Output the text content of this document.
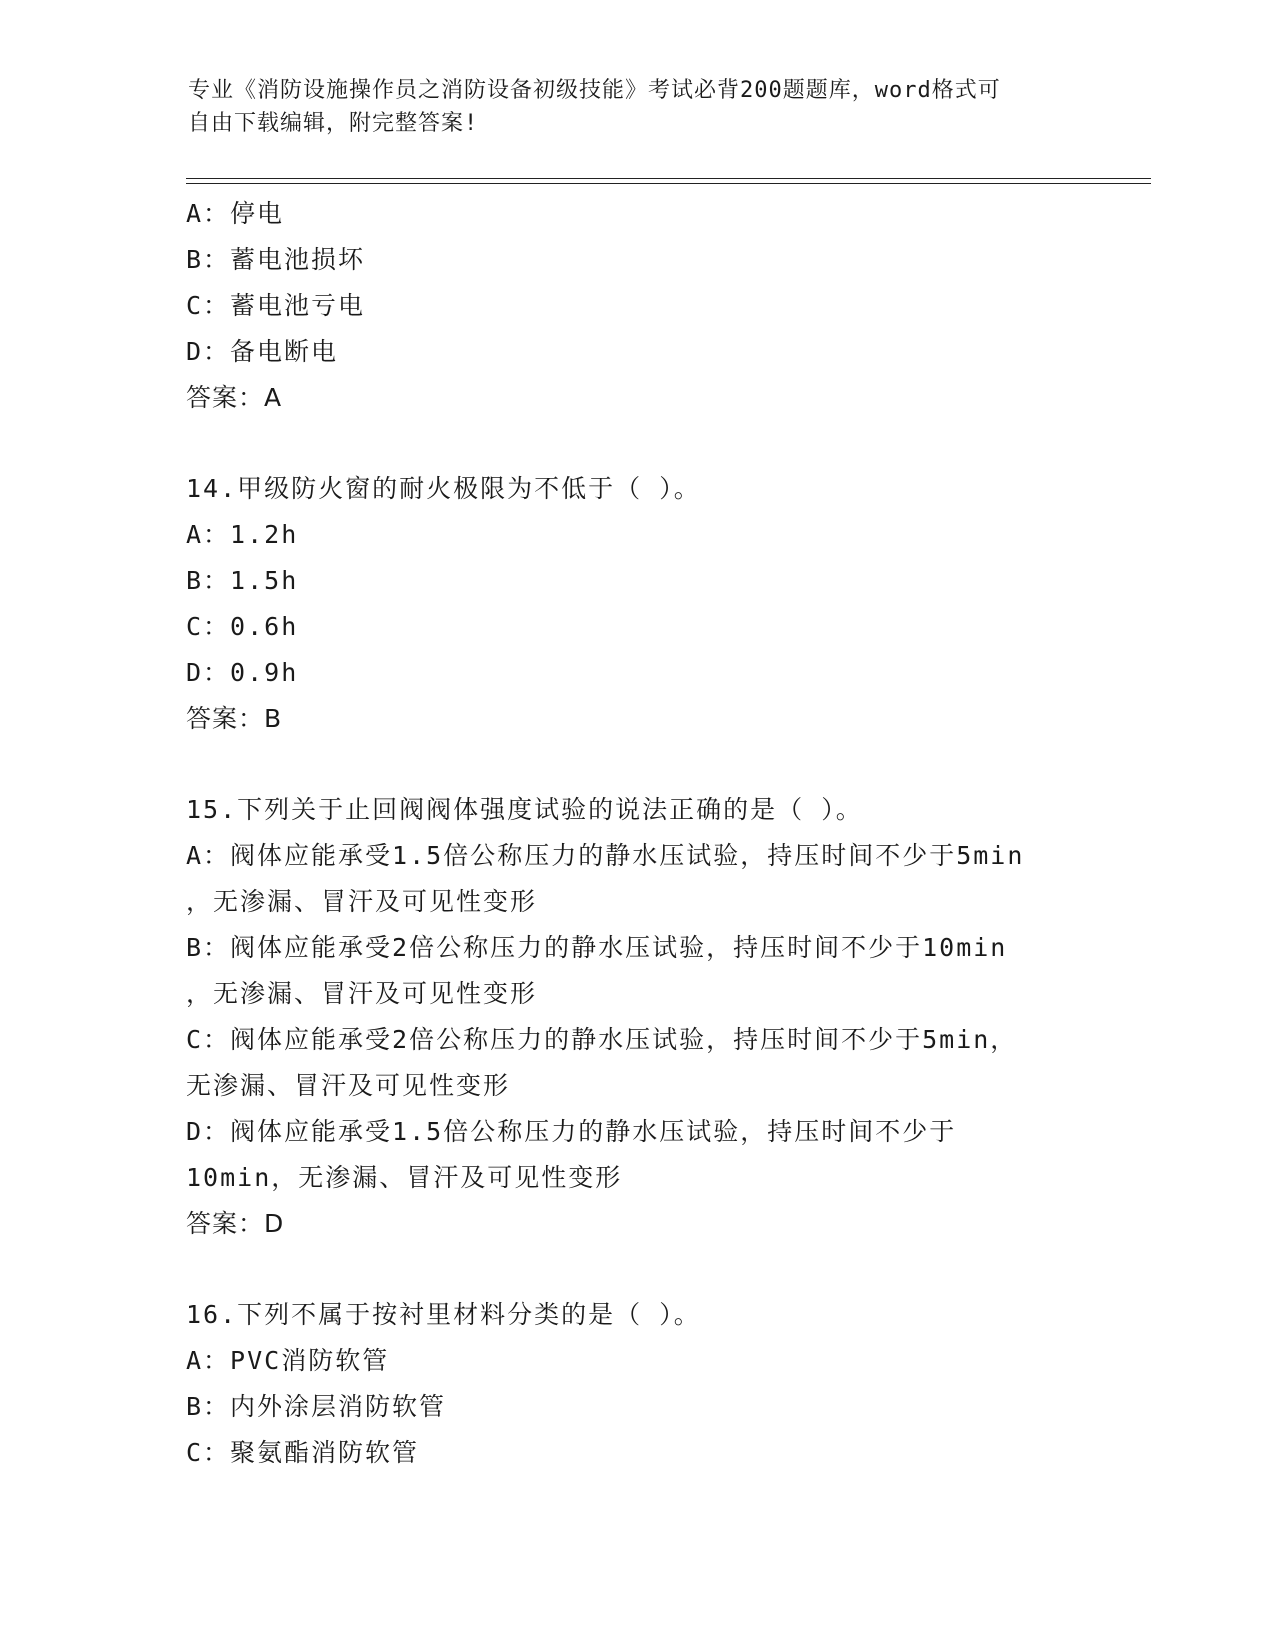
专业《消防设施操作员之消防设备初级技能》考试必背200题题库，word格式可
自由下载编辑，附完整答案!
A：停电
B：蓄电池损坏
C：蓄电池亏电
D：备电断电
答案：A
14.甲级防火窗的耐火极限为不低于（ ）。
A：1.2h
B：1.5h
C：0.6h
D：0.9h
答案：B
15.下列关于止回阀阀体强度试验的说法正确的是（ ）。
A：阀体应能承受1.5倍公称压力的静水压试验，持压时间不少于5min
，无渗漏、冒汗及可见性变形
B：阀体应能承受2倍公称压力的静水压试验，持压时间不少于10min
，无渗漏、冒汗及可见性变形
C：阀体应能承受2倍公称压力的静水压试验，持压时间不少于5min，
无渗漏、冒汗及可见性变形
D：阀体应能承受1.5倍公称压力的静水压试验，持压时间不少于
10min，无渗漏、冒汗及可见性变形
答案：D
16.下列不属于按衬里材料分类的是（ ）。
A：PVC消防软管
B：内外涂层消防软管
C：聚氨酯消防软管
